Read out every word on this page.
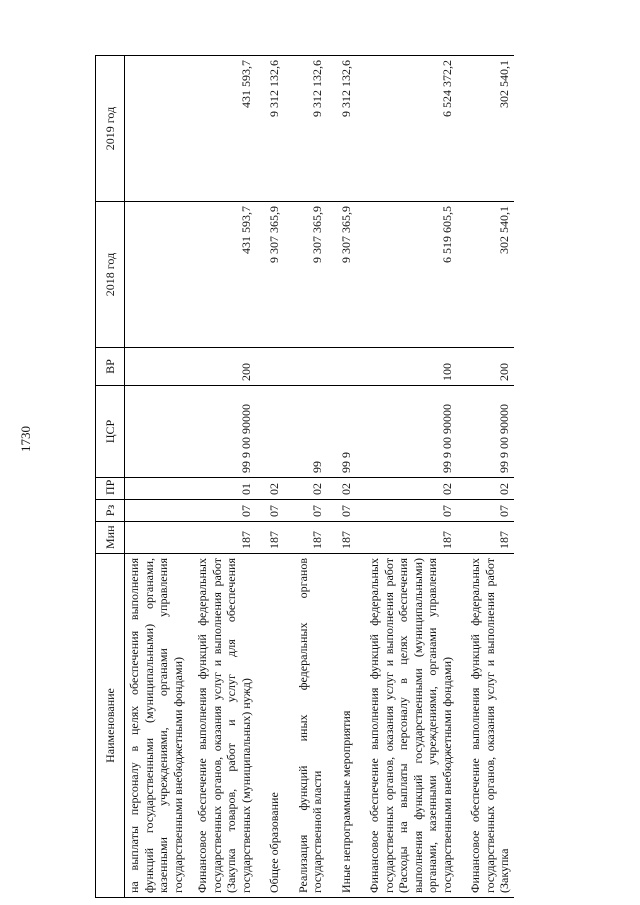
1730
Наименование	Мин	Рз	ПР	ЦСР	ВР	2018 год	2019 год
на выплаты персоналу в целях обеспечения выполнения функций государственными (муниципальными) органами, казенными учреждениями, органами управления государственными внебюджетными фондами)							
Финансовое обеспечение выполнения функций федеральных государственных органов, оказания услуг и выполнения работ (Закупка товаров, работ и услуг для обеспечения государственных (муниципальных) нужд)	187	07	01	99 9 00 90000	200	431 593,7	431 593,7
Общее образование	187	07	02			9 307 365,9	9 312 132,6
Реализация функций иных федеральных органов государственной власти	187	07	02	99		9 307 365,9	9 312 132,6
Иные непрограммные мероприятия	187	07	02	99 9		9 307 365,9	9 312 132,6
Финансовое обеспечение выполнения функций федеральных государственных органов, оказания услуг и выполнения работ (Расходы на выплаты персоналу в целях обеспечения выполнения функций государственными (муниципальными) органами, казенными учреждениями, органами управления государственными внебюджетными фондами)	187	07	02	99 9 00 90000	100	6 519 605,5	6 524 372,2
Финансовое обеспечение выполнения функций федеральных государственных органов, оказания услуг и выполнения работ (Закупка	187	07	02	99 9 00 90000	200	302 540,1	302 540,1
